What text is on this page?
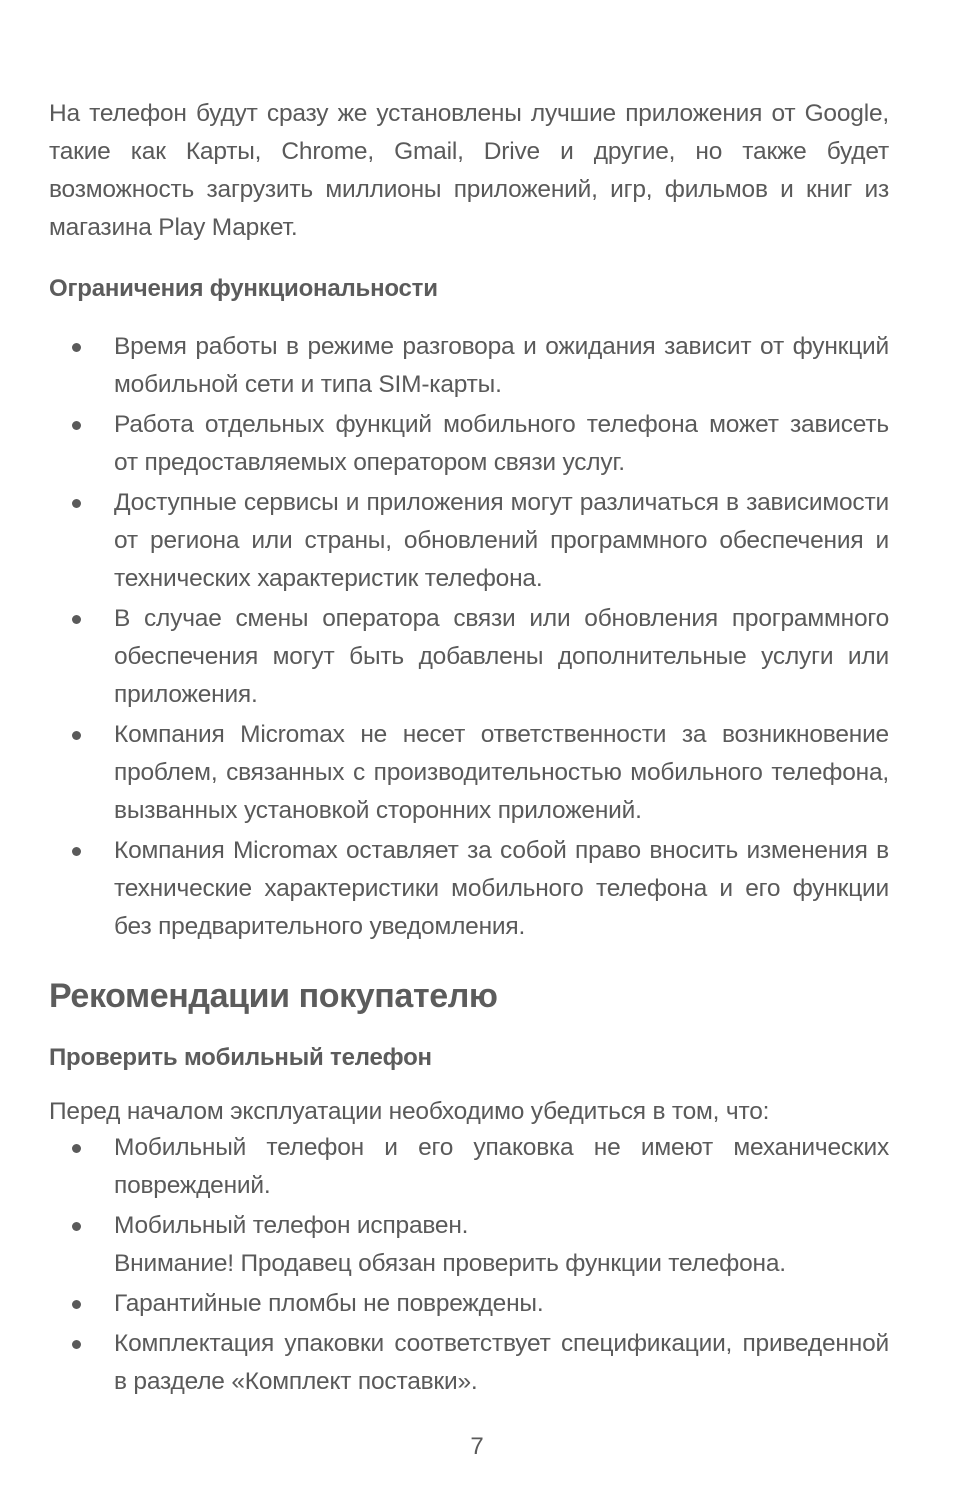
На телефон будут сразу же установлены лучшие приложения от Google, такие как Карты, Chrome, Gmail, Drive и другие, но также будет возможность загрузить миллионы приложений, игр, фильмов и книг из магазина Play Маркет.

Ограничения функциональности
Время работы в режиме разговора и ожидания зависит от функций мобильной сети и типа SIM-карты.
Работа отдельных функций мобильного телефона может зависеть от предоставляемых оператором связи услуг.
Доступные сервисы и приложения могут различаться в зависимости от региона или страны, обновлений программного обеспечения и технических характеристик телефона.
В случае смены оператора связи или обновления программного обеспечения могут быть добавлены дополнительные услуги или приложения.
Компания Micromax не несет ответственности за возникновение проблем, связанных с производительностью мобильного телефона, вызванных установкой сторонних приложений.
Компания Micromax оставляет за собой право вносить изменения в технические характеристики мобильного телефона и его функции без предварительного уведомления.
Рекомендации покупателю
Проверить мобильный телефон

Перед началом эксплуатации необходимо убедиться в том, что:

Мобильный телефон и его упаковка не имеют механических повреждений.
Мобильный телефон исправен.
Внимание! Продавец обязан проверить функции телефона.
Гарантийные пломбы не повреждены.
Комплектация упаковки соответствует спецификации, приведенной в разделе «Комплект поставки».
7
